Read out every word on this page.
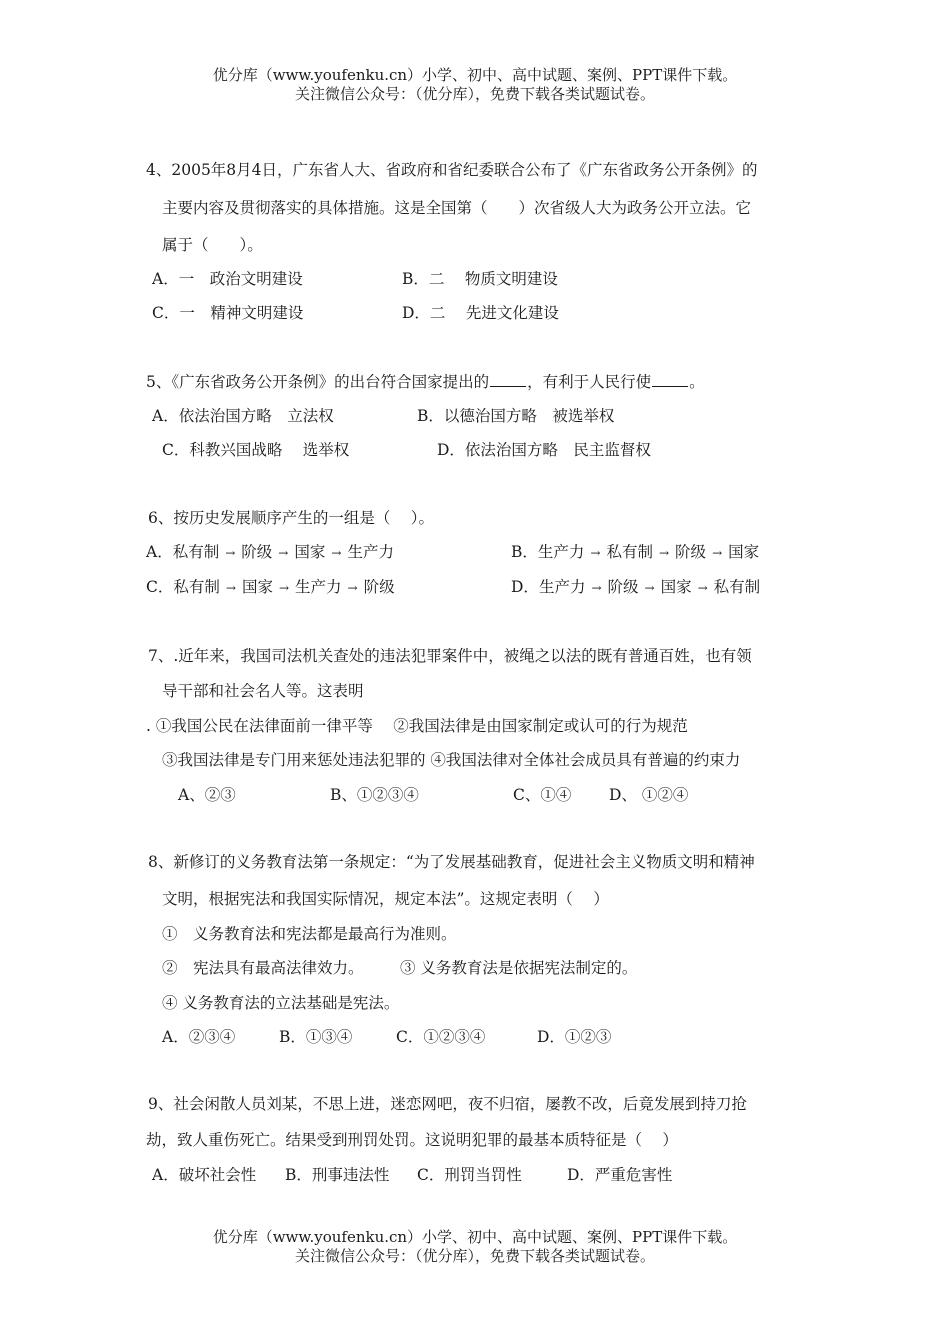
优分库（www.youfenku.cn）小学、初中、高中试题、案例、PPT课件下载。
关注微信公众号：（优分库），免费下载各类试题试卷。
4、2005年8月4日，广东省人大、省政府和省纪委联合公布了《广东省政务公开条例》的
主要内容及贯彻落实的具体措施。这是全国第（　　）次省级人大为政务公开立法。它
属于（　　）。
A．一　政治文明建设	B．二　 物质文明建设
C．一　精神文明建设	D．二　 先进文化建设
5、《广东省政务公开条例》的出台符合国家提出的 ，有利于人民行使 。
A．依法治国方略　立法权	B．以德治国方略　被选举权
C．科教兴国战略　 选举权	D．依法治国方略　民主监督权
6、按历史发展顺序产生的一组是（　 ）。
A．私有制 → 阶级 → 国家 → 生产力	B．生产力 → 私有制 → 阶级 → 国家
C．私有制 → 国家 → 生产力 → 阶级	D．生产力 → 阶级 → 国家 → 私有制
7、.近年来，我国司法机关查处的违法犯罪案件中，被绳之以法的既有普通百姓，也有领
导干部和社会名人等。这表明
. ①我国公民在法律面前一律平等　 ②我国法律是由国家制定或认可的行为规范
③我国法律是专门用来惩处违法犯罪的 ④我国法律对全体社会成员具有普遍的约束力
A、②③	B、①②③④	C、①④ D、 ①②④
8、新修订的义务教育法第一条规定：“为了发展基础教育，促进社会主义物质文明和精神
文明，根据宪法和我国实际情况，规定本法”。这规定表明（　 ）
①　义务教育法和宪法都是最高行为准则。
②　宪法具有最高法律效力。 ③ 义务教育法是依据宪法制定的。
④ 义务教育法的立法基础是宪法。
A．②③④	B．①③④	C．①②③④	D．①②③
9、社会闲散人员刘某，不思上进，迷恋网吧，夜不归宿，屡教不改，后竟发展到持刀抢
劫，致人重伤死亡。结果受到刑罚处罚。这说明犯罪的最基本质特征是（　 ）
A．破坏社会性 B．刑事违法性 C．刑罚当罚性	D．严重危害性
优分库（www.youfenku.cn）小学、初中、高中试题、案例、PPT课件下载。
关注微信公众号：（优分库），免费下载各类试题试卷。
